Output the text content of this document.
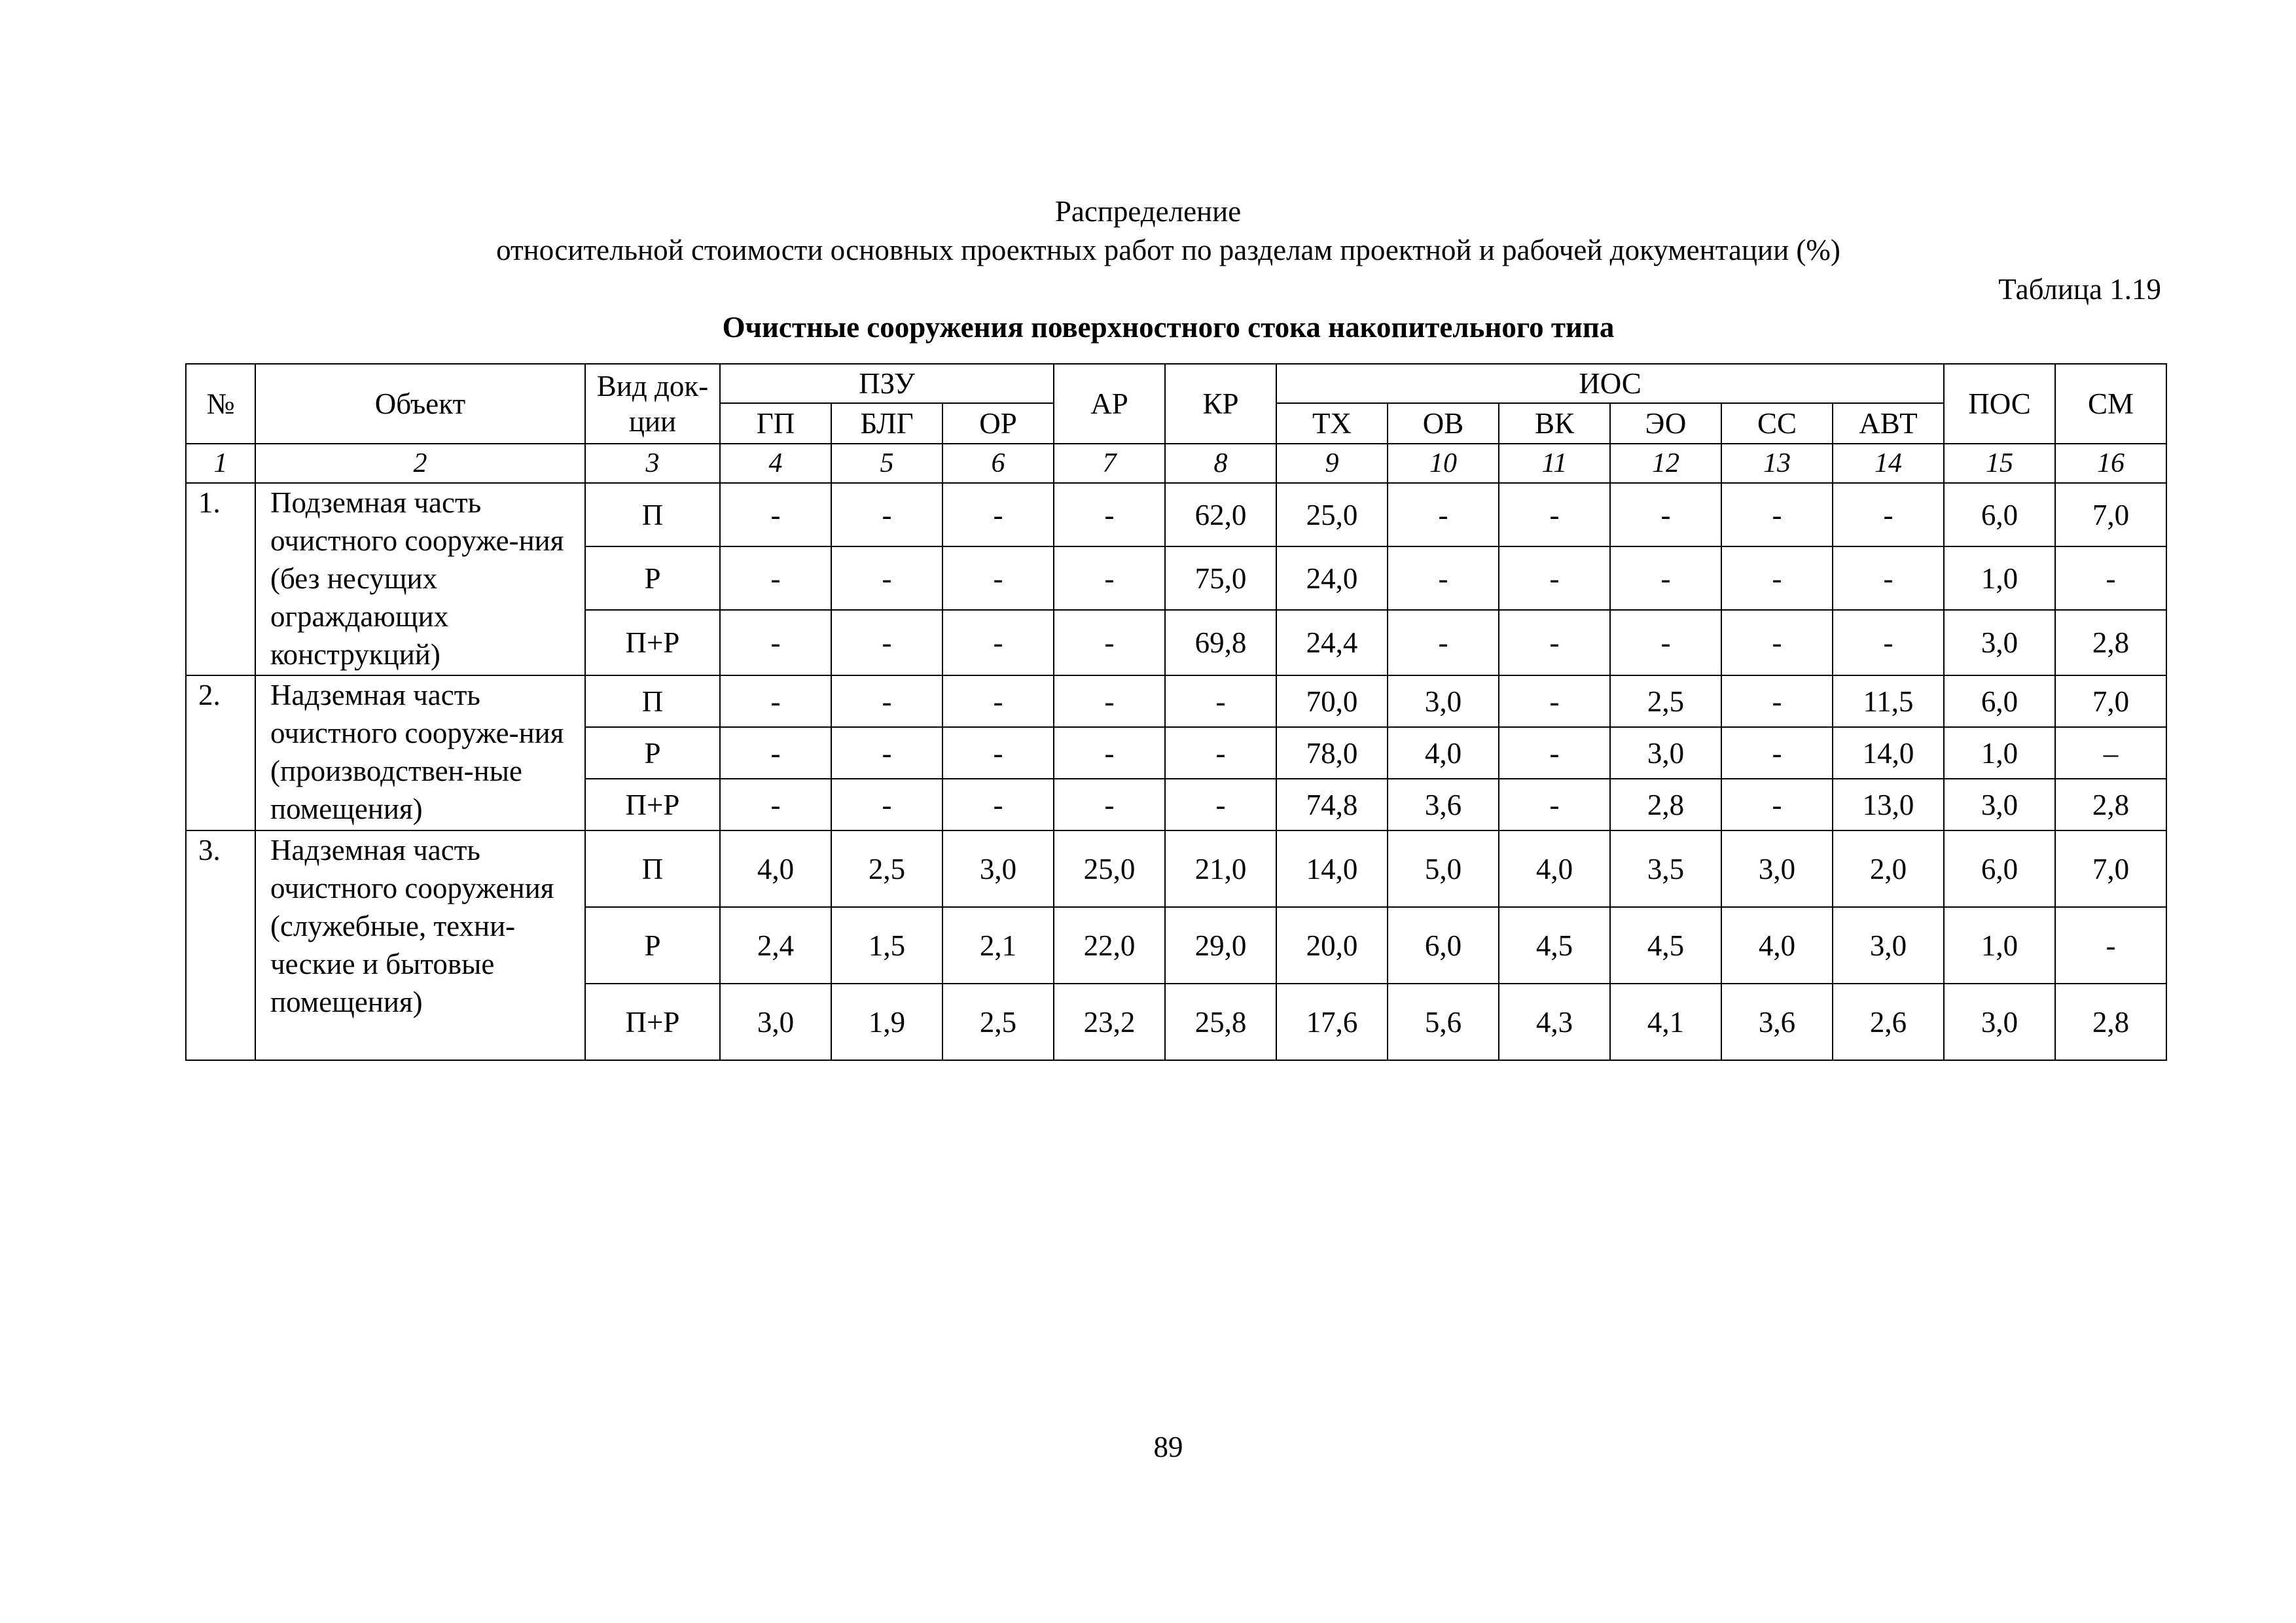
Распределение
относительной стоимости основных проектных работ по разделам проектной и рабочей документации (%)
Таблица 1.19
Очистные сооружения поверхностного стока накопительного типа
№	Объект	Вид док-ции	ПЗУ			АР	КР	ИОС						ПОС	СМ
			ГП	БЛГ	ОР			ТХ	ОВ	ВК	ЭО	СС	АВТ		
1	2	3	4	5	6	7	8	9	10	11	12	13	14	15	16
1.	Подземная часть очистного сооруже-ния (без несущих ограждающих конструкций)	П	-	-	-	-	62,0	25,0	-	-	-	-	-	6,0	7,0
		Р	-	-	-	-	75,0	24,0	-	-	-	-	-	1,0	-
		П+Р	-	-	-	-	69,8	24,4	-	-	-	-	-	3,0	2,8
2.	Надземная часть очистного сооруже-ния (производствен-ные помещения)	П	-	-	-	-	-	70,0	3,0	-	2,5	-	11,5	6,0	7,0
		Р	-	-	-	-	-	78,0	4,0	-	3,0	-	14,0	1,0	–
		П+Р	-	-	-	-	-	74,8	3,6	-	2,8	-	13,0	3,0	2,8
3.	Надземная часть очистного сооружения (служебные, техни-ческие и бытовые помещения)	П	4,0	2,5	3,0	25,0	21,0	14,0	5,0	4,0	3,5	3,0	2,0	6,0	7,0
		Р	2,4	1,5	2,1	22,0	29,0	20,0	6,0	4,5	4,5	4,0	3,0	1,0	-
		П+Р	3,0	1,9	2,5	23,2	25,8	17,6	5,6	4,3	4,1	3,6	2,6	3,0	2,8
89
